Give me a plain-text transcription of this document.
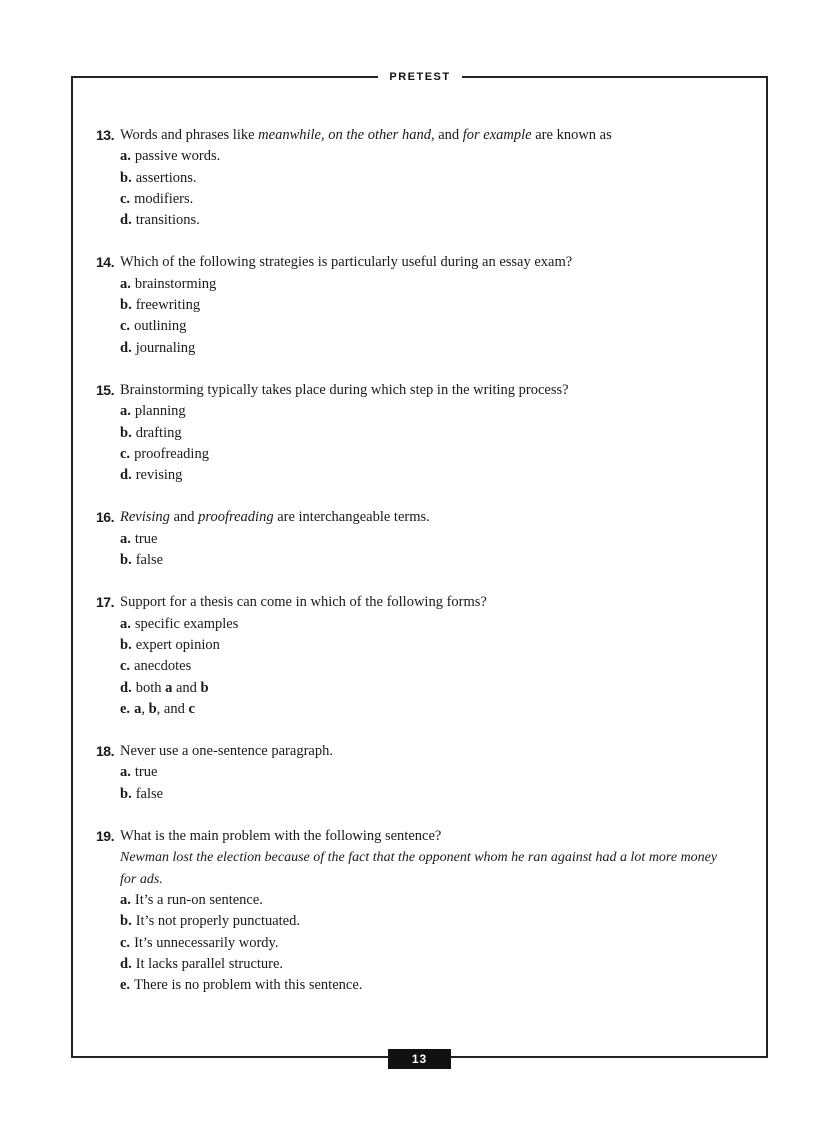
PRETEST
13. Words and phrases like meanwhile, on the other hand, and for example are known as
a. passive words.
b. assertions.
c. modifiers.
d. transitions.
14. Which of the following strategies is particularly useful during an essay exam?
a. brainstorming
b. freewriting
c. outlining
d. journaling
15. Brainstorming typically takes place during which step in the writing process?
a. planning
b. drafting
c. proofreading
d. revising
16. Revising and proofreading are interchangeable terms.
a. true
b. false
17. Support for a thesis can come in which of the following forms?
a. specific examples
b. expert opinion
c. anecdotes
d. both a and b
e. a, b, and c
18. Never use a one-sentence paragraph.
a. true
b. false
19. What is the main problem with the following sentence?
Newman lost the election because of the fact that the opponent whom he ran against had a lot more money for ads.
a. It’s a run-on sentence.
b. It’s not properly punctuated.
c. It’s unnecessarily wordy.
d. It lacks parallel structure.
e. There is no problem with this sentence.
13
